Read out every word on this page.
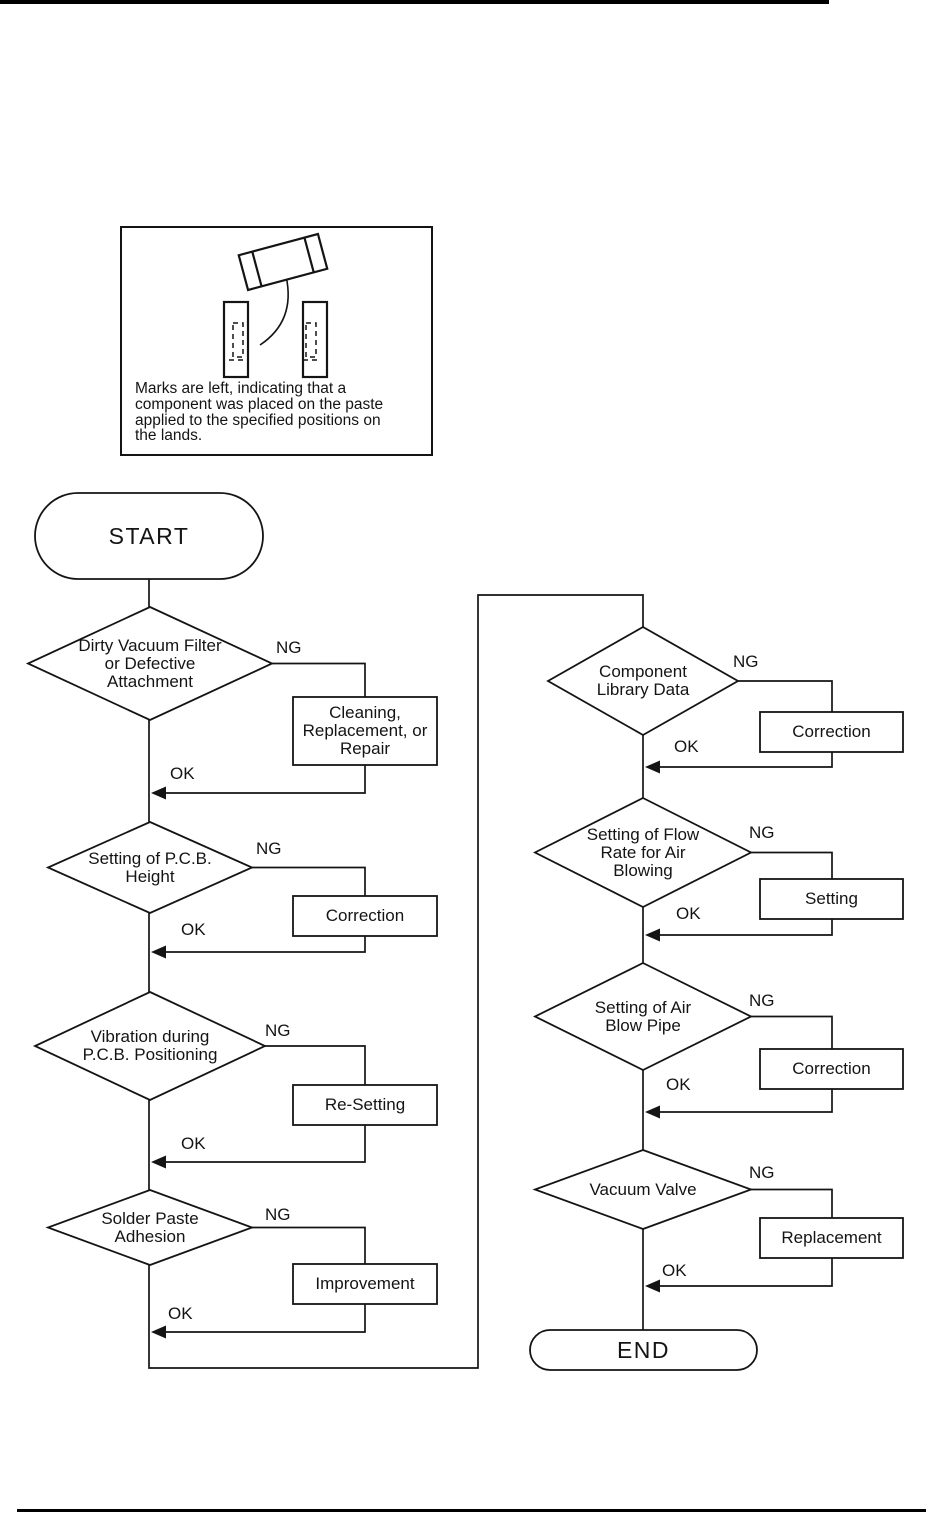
Marks are left, indicating that a
component was placed on the paste
applied to the specified positions on
the lands.
START
END
Dirty Vacuum Filter
or Defective
Attachment
Setting of P.C.B.
Height
Vibration during
P.C.B. Positioning
Solder Paste
Adhesion
Component
Library Data
Setting of Flow
Rate for Air
Blowing
Setting of Air
Blow Pipe
Vacuum Valve
Cleaning,
Replacement, or
Repair
Correction
Re-Setting
Improvement
Correction
Setting
Correction
Replacement
NG
NG
NG
NG
NG
NG
NG
NG
OK
OK
OK
OK
OK
OK
OK
OK
